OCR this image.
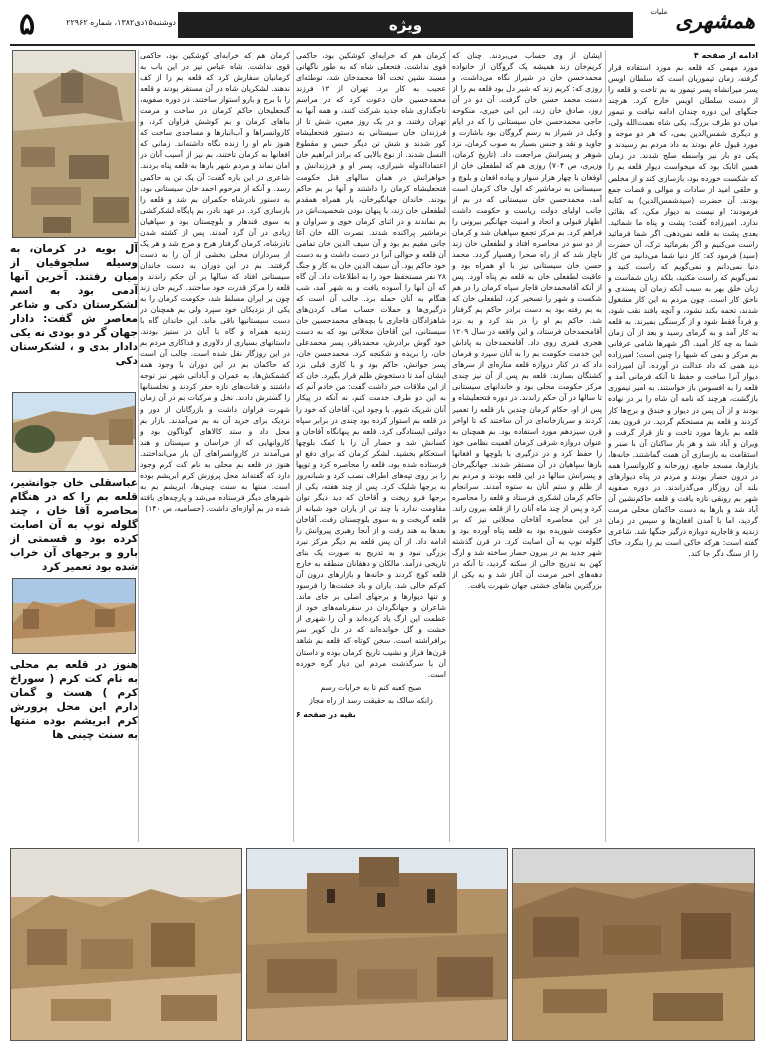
۵	دوشنبه۱۵دی۱۳۸۲، شماره ۲۲۹۶۲	ویژه	همشهری ملیات
ادامه از صفحه ۴
مورد مهمی که قلعه بم مورد استفاده قرار گرفته، زمان تیموریان است که سلطان اویس پسر میرانشاه پسر تیمور به بم تاخت و قلعه را از دست سلطان اویس خارج کرد. هرچند جنگهای این دوره چندان ادامه نیافت و تیمور میان دو طرف بزرگ، یکی شاه نعمت‌الله ولی، و دیگری شمس‌الدین بمی، که هر دو موجه و مورد قبول عام بودند به داد مردم بم رسیدند و یکی دو بار نیز واسطه صلح شدند. در زمان همین اتابک بود که میخواست دیوار قلعه بم را که شکست خورده بود، بازسازی کند و از مخلص و خلقی امید از سادات و موالی و قضات جمع بودند. آن حضرت (سیدشمس‌الدین) به کتابه فرمودند: او نیست به دیوار مکن، که بقائی ندارد. امیرزاده گفت: پشت و پناه ما شمائید. بعدی پشت به قلعه نمی‌دهی. اگر شما فرمائید راست می‌کنیم و اگر بفرمائید ترک، آن حضرت (سید) فرمود که: کار دنیا شما می‌دانید من کار دنیا نمی‌دانم و نمی‌گویم که راست کنید و نمی‌گویم که راست مکنید، بلکه زبان شماست و زبان خلق بهر به سبب آنکه زمان آن پسندی و ناحق کار است. چون مردم به این کار مشغول شدند، تخمه بکند نشود، و آنچه بافند نقب شود، و فرداً فقط شود و از گرسنگی بمیرند. به قلعه به کار آمد و به گرمای رسید و بعد از آن زمان شما به چه کار آمید. اگر شهرها شامی عرفانی بم مرکز و بمی که شبها را چنین است؛ امیرزاده دید همی که داد عدالت در آورده. آن امیرزاده دیوار آنرا ساخت و حفظ تا آنکه فرمانی آمد و قلعه را به افسوس باز خواستند. به امیر تیموری بازگشت، هرچند که نامه آن شاه را بر در نهاده بودند و از آن پس در دیوار و خندق و برج‌ها کار کردند و قلعه بم مستحکم گردید. در قرون بعد، قلعه بم بارها مورد تاخت و تاز قرار گرفت و ویران و آباد شد و هر بار ساکنان آن با صبر و استقامت به بازسازی آن همت گماشتند. خانه‌ها، بازارها، مسجد جامع، زورخانه و کاروانسرا همه در درون حصار بودند و مردم در پناه دیوارهای بلند آن روزگار می‌گذراندند. در دوره صفویه شهر بم رونقی تازه یافت و قلعه حاکم‌نشین آن آباد شد و بارها به دست حاکمان محلی مرمت گردید، اما با آمدن افغان‌ها و سپس در زمان زندیه و قاجاریه دوباره درگیر جنگها شد. شاعری گفته است: هرکه خاکی است بم را بنگرد، خاک را از سنگ دگر جا کند.
ایشان از وی حساب می‌بردند. چنان که کریم‌خان زند همیشه یک گروگان از خانواده محمدحسن خان در شیراز نگاه می‌داشت، و روزی که: کریم زند که شیر دل بود قلعه بم را از دست محمد حسن خان گرفت. آن دو در آن روز، صادق خان زند، ابن ابی خیری، منکوحه حاجی محمدحسن خان سیستانی را که در ایام وکیل در شیراز به رسم گروگان بود باشارت و جاوید و نقد و جنس بسیار به صوب کرمان، نزد شوهر و پسرانش مراجعت داد. (تاریخ کرمان، وزیری، ص ۷۰۴) روزی هم که لطفعلی خان از اوفغان با چهار هزار سوار و پیاده افغان و بلوچ و سیستانی به نرماشیر که اول خاک کرمان است آمد، محمدحسن خان سیستانی که در بم از جانب اولیای دولت ریاست و حکومت داشت اظهار قبولی و اتحاد و امنیت جهانگیر بیرونی را فراهم کرد. بم مرکز تجمع سپاهیان شد و کرمان از دو سو در محاصره افتاد و لطفعلی خان زند ناچار شد که از راه صحرا رهسپار گردد. محمد حسن خان سیستانی نیز با او همراه بود و عاقبت لطفعلی خان به قلعه بم پناه آورد. پس از آنکه آقامحمدخان قاجار سپاه کرمان را در هم شکست و شهر را تسخیر کرد، لطفعلی خان که به بم رفته بود به دست برادر حاکم بم گرفتار شد. حاکم بم او را در بند کرد و به نزد آقامحمدخان فرستاد، و این واقعه در سال ۱۲۰۹ هجری قمری روی داد. آقامحمدخان به پاداش این خدمت حکومت بم را به آنان سپرد و فرمان داد که در کنار دروازه قلعه مناره‌ای از سرهای کشتگان بسازند. قلعه بم پس از آن نیز چندی مرکز حکومت محلی بود و خاندانهای سیستانی تا سالها در آن حکم راندند. در دوره فتحعلیشاه و پس از او، حکام کرمان چندین بار قلعه را تعمیر کردند و سربازخانه‌ای در آن ساختند که تا اواخر قرن سیزدهم مورد استفاده بود. بم همچنان به عنوان دروازه شرقی کرمان اهمیت نظامی خود را حفظ کرد و در درگیری با بلوچها و افغانها بارها سپاهیان در آن مستقر شدند. جهانگیرخان و پسرانش سالها در این قلعه بودند و مردم بم از ظلم و ستم آنان به ستوه آمدند. سرانجام حاکم کرمان لشکری فرستاد و قلعه را محاصره کرد و پس از چند ماه آنان را از قلعه بیرون راند. در این محاصره آقاخان محلاتی نیز که بر حکومت شوریده بود به قلعه پناه آورده بود و گلوله توپ به آن اصابت کرد. در قرن گذشته شهر جدید بم در بیرون حصار ساخته شد و ارگ کهن به تدریج خالی از سکنه گردید، تا آنکه در دهه‌های اخیر مرمت آن آغاز شد و به یکی از بزرگترین بناهای خشتی جهان شهرت یافت.
کرمان هم که خرابه‌ای کوشکین بود، حاکمی قوی نداشت. فتحعلی شاه که به طور ناگهانی مسند نشین تخت آقا محمدخان شد، توطئه‌ای عجیب به کار برد. تهران از ۱۲ فرزند محمدحسین خان دعوت کرد که در مراسم تاجگذاری شاه جدید شرکت کنند، و همه آنها به تهران رفتند. و در یک روز معین، شش تا از فرزندان خان سیستانی به دستور فتحعلیشاه کور شدند و شش تن دیگر حبس و مقطوع النسل شدند. از نوع بالایی که برادر ابراهیم خان اعتمادالدوله شیرازی، پسر او و فرزندانش و خواهرانش در همان سالهای قبل حکومت فتحعلیشاه کرمان را داشتند و آنها بر بم حاکم بودند. خاندان جهانگیرخان، یار همراه همقدم لطفعلی خان زند، با پنهان بودن شخصیت‌اش در بم نماندند و در اثنای کرمان خوی و سراوان و نرماشیر پراکنده شدند. نصرت الله خان آغا جانی مقیم بم بود و آن سیف الدین خان تمامی آن قلعه و حوالی آنرا در دست داشت و به دست خود حاکم بود. آن سیف الدین خان به کار و جنگ ۲۸ نفر مستحفظ خود را به اطلاعات داد. آن گاه که آن آنها را آسوده یافت و به شهر آمد، شب هنگام به آنان حمله برد. جالب آن است که درگیری‌ها و حملات حساب صاف کردن‌های شاهزادگان قاجاری با بچه‌های محمدحسین خان سیستانی، این آقاخان محلاتی بود که به دست خود گوش برادرش، محمدباقر، پسر محمدعلی خان، را بریده و شکنجه کرد. محمدحسن خان، پسر جوانش، حاکم بود و با کاری قبلی نزد ایشان آمد تا دستخوش ظلم قرار بگیرد. خان که از این ملاقات خبر داشت گفت: من خادم آنم که به این دو طرف خدمت کنم، نه آنکه در پیکار آنان شریک شوم. با وجود این، آقاخان که خود را در قلعه بم استوار کرده بود چندی در برابر سپاه دولتی ایستادگی کرد. قلعه بم پنهانگاه آقاخان و کسانش شد و حصار آن را با کمک بلوچها استحکام بخشید. لشکر کرمان که برای دفع او فرستاده شده بود، قلعه را محاصره کرد و توپها را بر روی تپه‌های اطراف نصب کرد و شبانه‌روز به برجها شلیک کرد. پس از چند هفته، یکی از برجها فرو ریخت و آقاخان که دید دیگر توان مقاومت ندارد با چند تن از یاران خود شبانه از قلعه گریخت و به سوی بلوچستان رفت. آقاخان بعدها به هند رفت و از آنجا رهبری پیروانش را ادامه داد. از آن پس قلعه بم دیگر مرکز نبرد بزرگی نبود و به تدریج به صورت یک بنای تاریخی درآمد. مالکان و دهقانان منطقه به خارج قلعه کوچ کردند و خانه‌ها و بازارهای درون آن کم‌کم خالی شد. باران و باد خشت‌ها را فرسود و تنها دیوارها و برجهای اصلی بر جای ماند. شاعران و جهانگردان در سفرنامه‌های خود از عظمت این ارگ یاد کرده‌اند و آن را شهری از خشت و گل خوانده‌اند که در دل کویر سر برافراشته است. سخن کوتاه که قلعه بم شاهد قرن‌ها فراز و نشیب تاریخ کرمان بوده و داستان آن با سرگذشت مردم این دیار گره خورده است.
صبح کعبه کنم تا به خرابات رسم
زانکه سالک به حقیقت رسد از راه مجاز
بقیه در صفحه ۶
کرمان هم که خرابه‌ای کوشکین بود، حاکمی قوی نداشت. شاه عباس نیز در این باب به کرمانیان سفارش کرد که قلعه بم را از کف ندهند. لشکریان شاه در آن مستقر بودند و قلعه را با برج و بارو استوار ساختند. در دوره صفویه، گنجعلیخان حاکم کرمان در ساخت و مرمت بناهای کرمان و بم کوشش فراوان کرد، و کاروانسراها و آب‌انبارها و مساجدی ساخت که هنوز نام او را زنده نگاه داشته‌اند. زمانی که افغانها به کرمان تاختند، بم نیز از آسیب آنان در امان نماند و مردم شهر بارها به قلعه پناه بردند. شاعری در این باره گفت: آن یک تن به حاکمی رسد. و آنکه از مرحوم احمد خان سیستانی بود، به دستور نادرشاه حکمران بم شد و قلعه را بازسازی کرد. در عهد نادر، بم پایگاه لشکرکشی به سوی قندهار و بلوچستان بود و سپاهیان زیادی در آن گرد آمدند. پس از کشته شدن نادرشاه، کرمان گرفتار هرج و مرج شد و هر یک از سرداران محلی بخشی از آن را به دست گرفتند. بم در این دوران به دست خاندان سیستانی افتاد که سالها بر آن حکم راندند و قلعه را مرکز قدرت خود ساختند. کریم خان زند چون بر ایران مسلط شد، حکومت کرمان را به یکی از نزدیکان خود سپرد ولی بم همچنان در دست سیستانیها باقی ماند. این خاندان گاه با زندیه همراه و گاه با آنان در ستیز بودند. داستانهای بسیاری از دلاوری و فداکاری مردم بم در این روزگار نقل شده است. جالب آن است که حاکمان بم در این دوران با وجود همه کشمکش‌ها، به عمران و آبادانی شهر نیز توجه داشتند و قنات‌های تازه حفر کردند و نخلستانها را گسترش دادند. نخل و مرکبات بم در آن زمان شهرت فراوان داشت و بازرگانان از دور و نزدیک برای خرید آن به بم می‌آمدند. بازار بم محل داد و ستد کالاهای گوناگون بود و کاروانهایی که از خراسان و سیستان و هند می‌آمدند در کاروانسراهای آن بار می‌انداختند. هنوز در قلعه بم محلی به نام کت کرم وجود دارد که گفته‌اند محل پرورش کرم ابریشم بوده است. منتها به سنت چینی‌ها، ابریشم بم به شهرهای دیگر فرستاده می‌شد و پارچه‌های بافته شده در بم آوازه‌ای داشت. (حسامیه، ص ۱۴۰)
آل بویه در کرمان، به وسیله سلجوقیان از میان رفتند. آخرین آنها آدمی بود به اسم لشکرستان دکی و شاعر معاصر ش گفت: دادار جهان گر دو بودی نه یکی دادار بدی و ، لشکرستان دکی
عباسقلی خان جوانشیر، قلعه بم را که در هنگام محاصره آقا خان ، چند گلوله توپ به آن اصابت کرده بود و قسمتی از بارو و برجهای آن خراب شده بود تعمیر کرد
هنوز در قلعه بم محلی به نام کت کرم ( سوراخ کرم ) هست و گمان دارم این محل پرورش کرم ابریشم بوده منتها به سنت چینی ها
